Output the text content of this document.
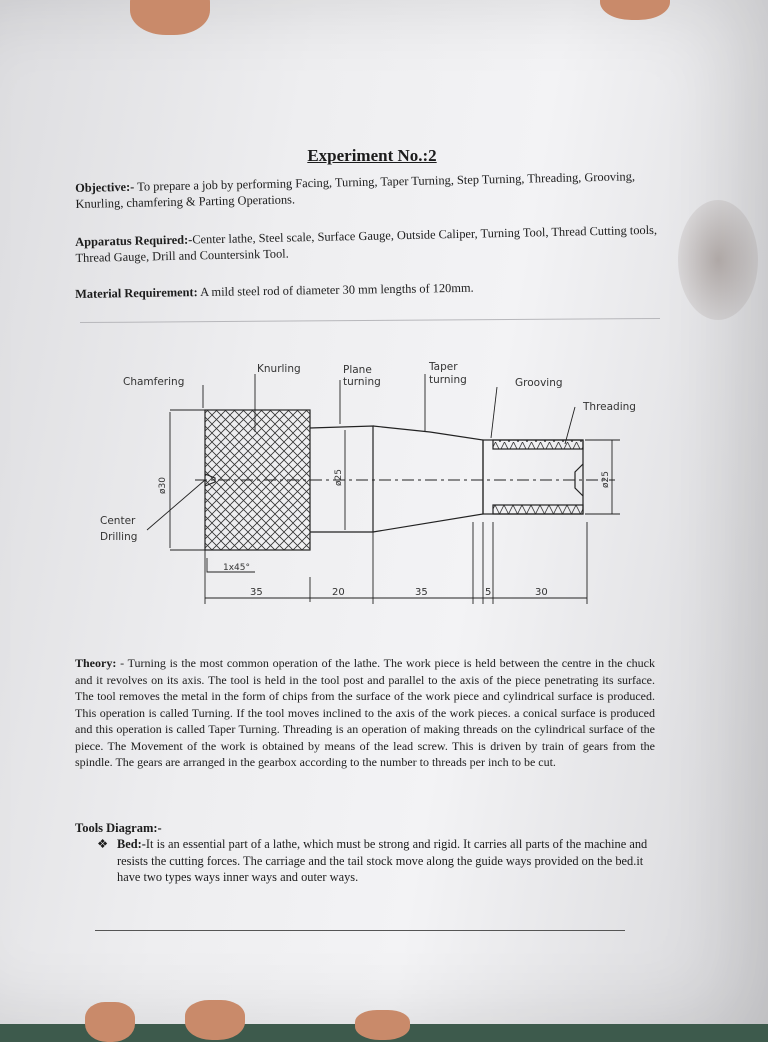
Experiment No.:2
Objective:- To prepare a job by performing Facing, Turning, Taper Turning, Step Turning, Threading, Grooving, Knurling, chamfering & Parting Operations.
Apparatus Required:-Center lathe, Steel scale, Surface Gauge, Outside Caliper, Turning Tool, Thread Cutting tools, Thread Gauge, Drill and Countersink Tool.
Material Requirement: A mild steel rod of diameter 30 mm lengths of 120mm.
Chamfering
Knurling	Plane
turning
Taper
turning	Grooving
Threading
Center
Drilling
1x45°
ø30	ø25	ø25
35	20	35	5	30
Theory: - Turning is the most common operation of the lathe. The work piece is held between the centre in the chuck and it revolves on its axis. The tool is held in the tool post and parallel to the axis of the piece penetrating its surface. The tool removes the metal in the form of chips from the surface of the work piece and cylindrical surface is produced. This operation is called Turning. If the tool moves inclined to the axis of the work pieces. a conical surface is produced and this operation is called Taper Turning. Threading is an operation of making threads on the cylindrical surface of the piece. The Movement of the work is obtained by means of the lead screw. This is driven by train of gears from the spindle. The gears are arranged in the gearbox according to the number to threads per inch to be cut.
Tools Diagram:-
❖ Bed:-It is an essential part of a lathe, which must be strong and rigid. It carries all parts of the machine and resists the cutting forces. The carriage and the tail stock move along the guide ways provided on the bed.it have two types ways inner ways and outer ways.
